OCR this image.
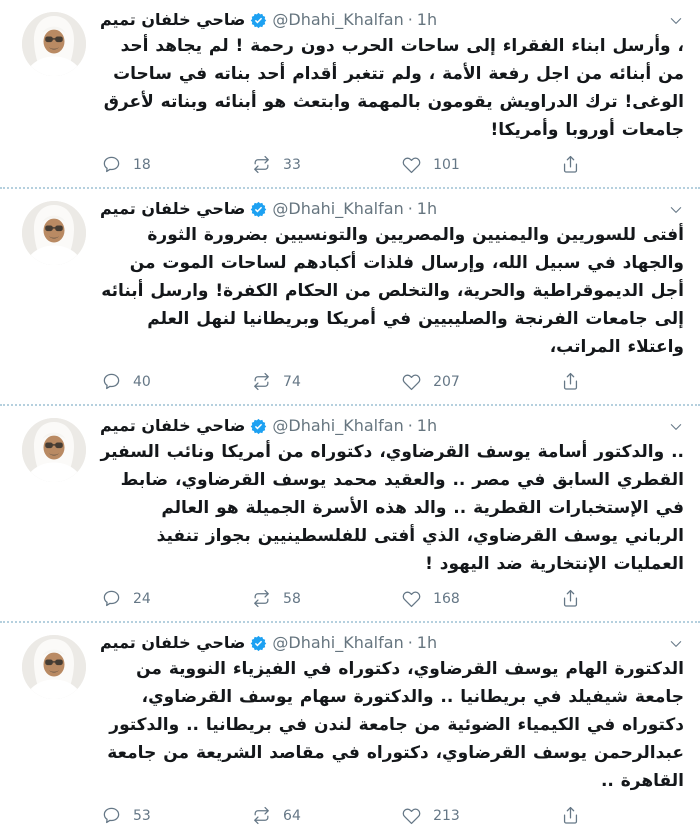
ضاحي خلفان تميم @Dhahi_Khalfan · 1h
، وأرسل ابناء الفقراء إلى ساحات الحرب دون رحمة ! لم يجاهد أحد من أبنائه من اجل رفعة الأمة ، ولم تتغبر أقدام أحد بناته في ساحات الوغى! ترك الدراويش يقومون بالمهمة وابتعث هو أبنائه وبناته لأعرق جامعات أوروبا وأمريكا!
18	33	101
ضاحي خلفان تميم @Dhahi_Khalfan · 1h
أفتى للسوريين واليمنيين والمصريين والتونسيين بضرورة الثورة والجهاد في سبيل الله، وإرسال فلذات أكبادهم لساحات الموت من أجل الديموقراطية والحرية، والتخلص من الحكام الكفرة! وارسل أبنائه إلى جامعات الفرنجة والصليبيين في أمريكا وبريطانيا لنهل العلم واعتلاء المراتب،
40	74	207
ضاحي خلفان تميم @Dhahi_Khalfan · 1h
.. والدكتور أسامة يوسف القرضاوي، دكتوراه من أمريكا ونائب السفير القطري السابق في مصر .. والعقيد محمد يوسف القرضاوي، ضابط في الإستخبارات القطرية .. والد هذه الأسرة الجميلة هو العالم الرباني يوسف القرضاوي، الذي أفتى للفلسطينيين بجواز تنفيذ العمليات الإنتخارية ضد اليهود !
24	58	168
ضاحي خلفان تميم @Dhahi_Khalfan · 1h
الدكتورة الهام يوسف القرضاوي، دكتوراه في الفيزياء النووية من جامعة شيفيلد في بريطانيا .. والدكتورة سهام يوسف القرضاوي، دكتوراه في الكيمياء الضوئية من جامعة لندن في بريطانيا .. والدكتور عبدالرحمن يوسف القرضاوي، دكتوراه في مقاصد الشريعة من جامعة القاهرة ..
53	64	213
